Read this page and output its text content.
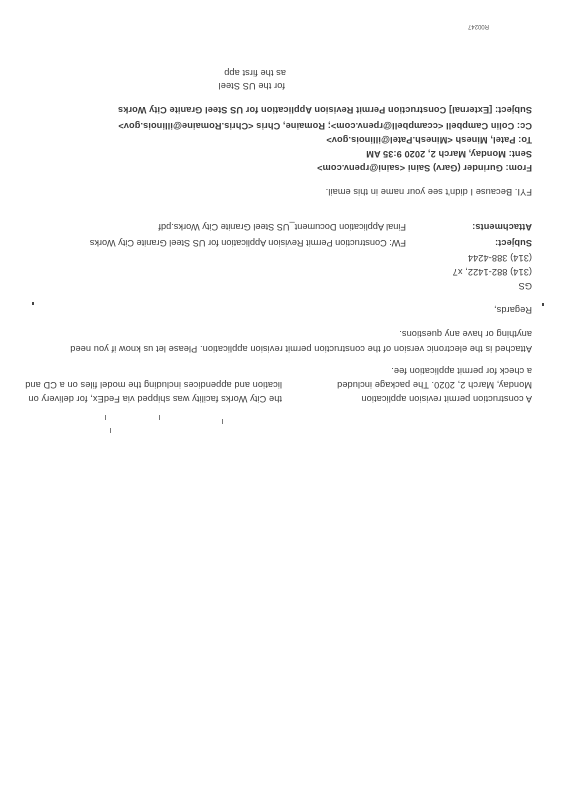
R00247
as the first app
for the US Steel
Subject: [External] Construction Permit Revision Application for US Steel Granite City Works
Cc: Colin Campbell <ccampbell@rpenv.com>; Romaine, Chris <Chris.Romaine@illinois.gov>
To: Patel, Minesh <Minesh.Patel@illinois.gov>
Sent: Monday, March 2, 2020 9:35 AM
From: Gurinder (Garv) Saini <saini@rpenv.com>
FYI. Because I didn't see your name in this email.
Attachments:
Final Application Document_US Steel Granite City Works.pdf
Subject:
FW: Construction Permit Revision Application for US Steel Granite City Works
(314) 388-4244
(314) 882-1422, x7
GS
Regards,
anything or have any questions.
Attached is the electronic version of the construction permit revision application. Please let us know if you need
a check for permit application fee.
Monday, March 2, 2020. The package included
lication and appendices including the model files on a CD and
A construction permit revision application
the City Works facility was shipped via FedEx, for delivery on
